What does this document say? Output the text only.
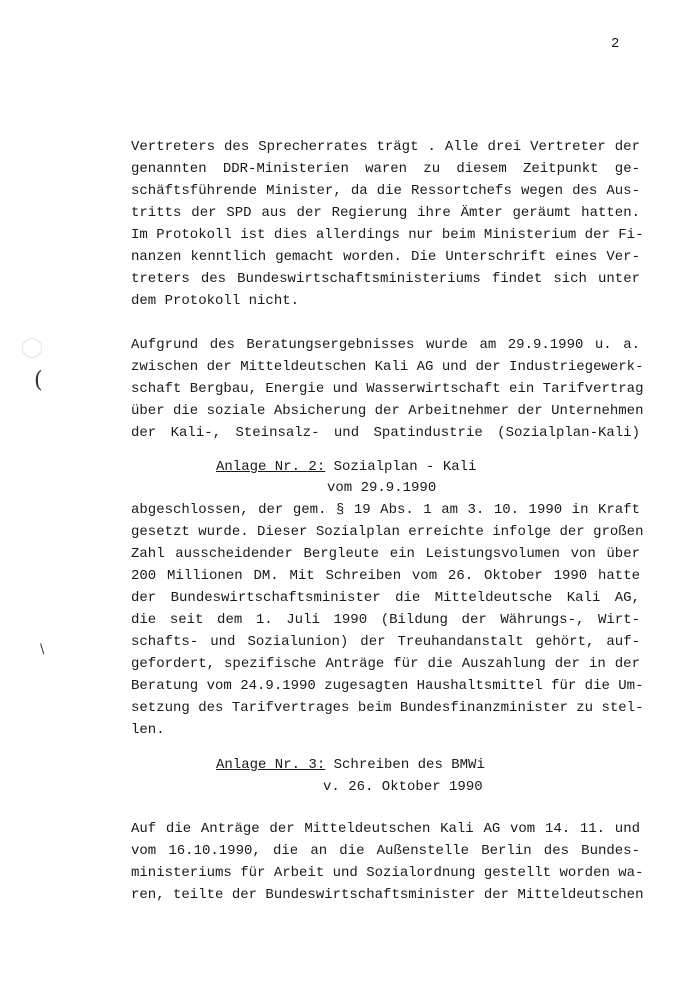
2
(
\
Vertreters des Sprecherrates trägt . Alle drei Vertreter der
genannten DDR-Ministerien waren zu diesem Zeitpunkt ge-
schäftsführende Minister, da die Ressortchefs wegen des Aus-
tritts der SPD aus der Regierung ihre Ämter geräumt hatten.
Im Protokoll ist dies allerdings nur beim Ministerium der Fi-
nanzen kenntlich gemacht worden. Die Unterschrift eines Ver-
treters des Bundeswirtschaftsministeriums findet sich unter
dem Protokoll nicht.
Aufgrund des Beratungsergebnisses wurde am 29.9.1990 u. a.
zwischen der Mitteldeutschen Kali AG und der Industriegewerk-
schaft Bergbau, Energie und Wasserwirtschaft ein Tarifvertrag
über die soziale Absicherung der Arbeitnehmer der Unternehmen
der Kali-, Steinsalz- und Spatindustrie (Sozialplan-Kali)
Anlage Nr. 2: Sozialplan - Kali
vom 29.9.1990
abgeschlossen, der gem. § 19 Abs. 1 am 3. 10. 1990 in Kraft
gesetzt wurde. Dieser Sozialplan erreichte infolge der großen
Zahl ausscheidender Bergleute ein Leistungsvolumen von über
200 Millionen DM. Mit Schreiben vom 26. Oktober 1990 hatte
der Bundeswirtschaftsminister die Mitteldeutsche Kali AG,
die seit dem 1. Juli 1990 (Bildung der Währungs-, Wirt-
schafts- und Sozialunion) der Treuhandanstalt gehört, auf-
gefordert, spezifische Anträge für die Auszahlung der in der
Beratung vom 24.9.1990 zugesagten Haushaltsmittel für die Um-
setzung des Tarifvertrages beim Bundesfinanzminister zu stel-
len.
Anlage Nr. 3: Schreiben des BMWi
v. 26. Oktober 1990
Auf die Anträge der Mitteldeutschen Kali AG vom 14. 11. und
vom 16.10.1990, die an die Außenstelle Berlin des Bundes-
ministeriums für Arbeit und Sozialordnung gestellt worden wa-
ren, teilte der Bundeswirtschaftsminister der Mitteldeutschen
